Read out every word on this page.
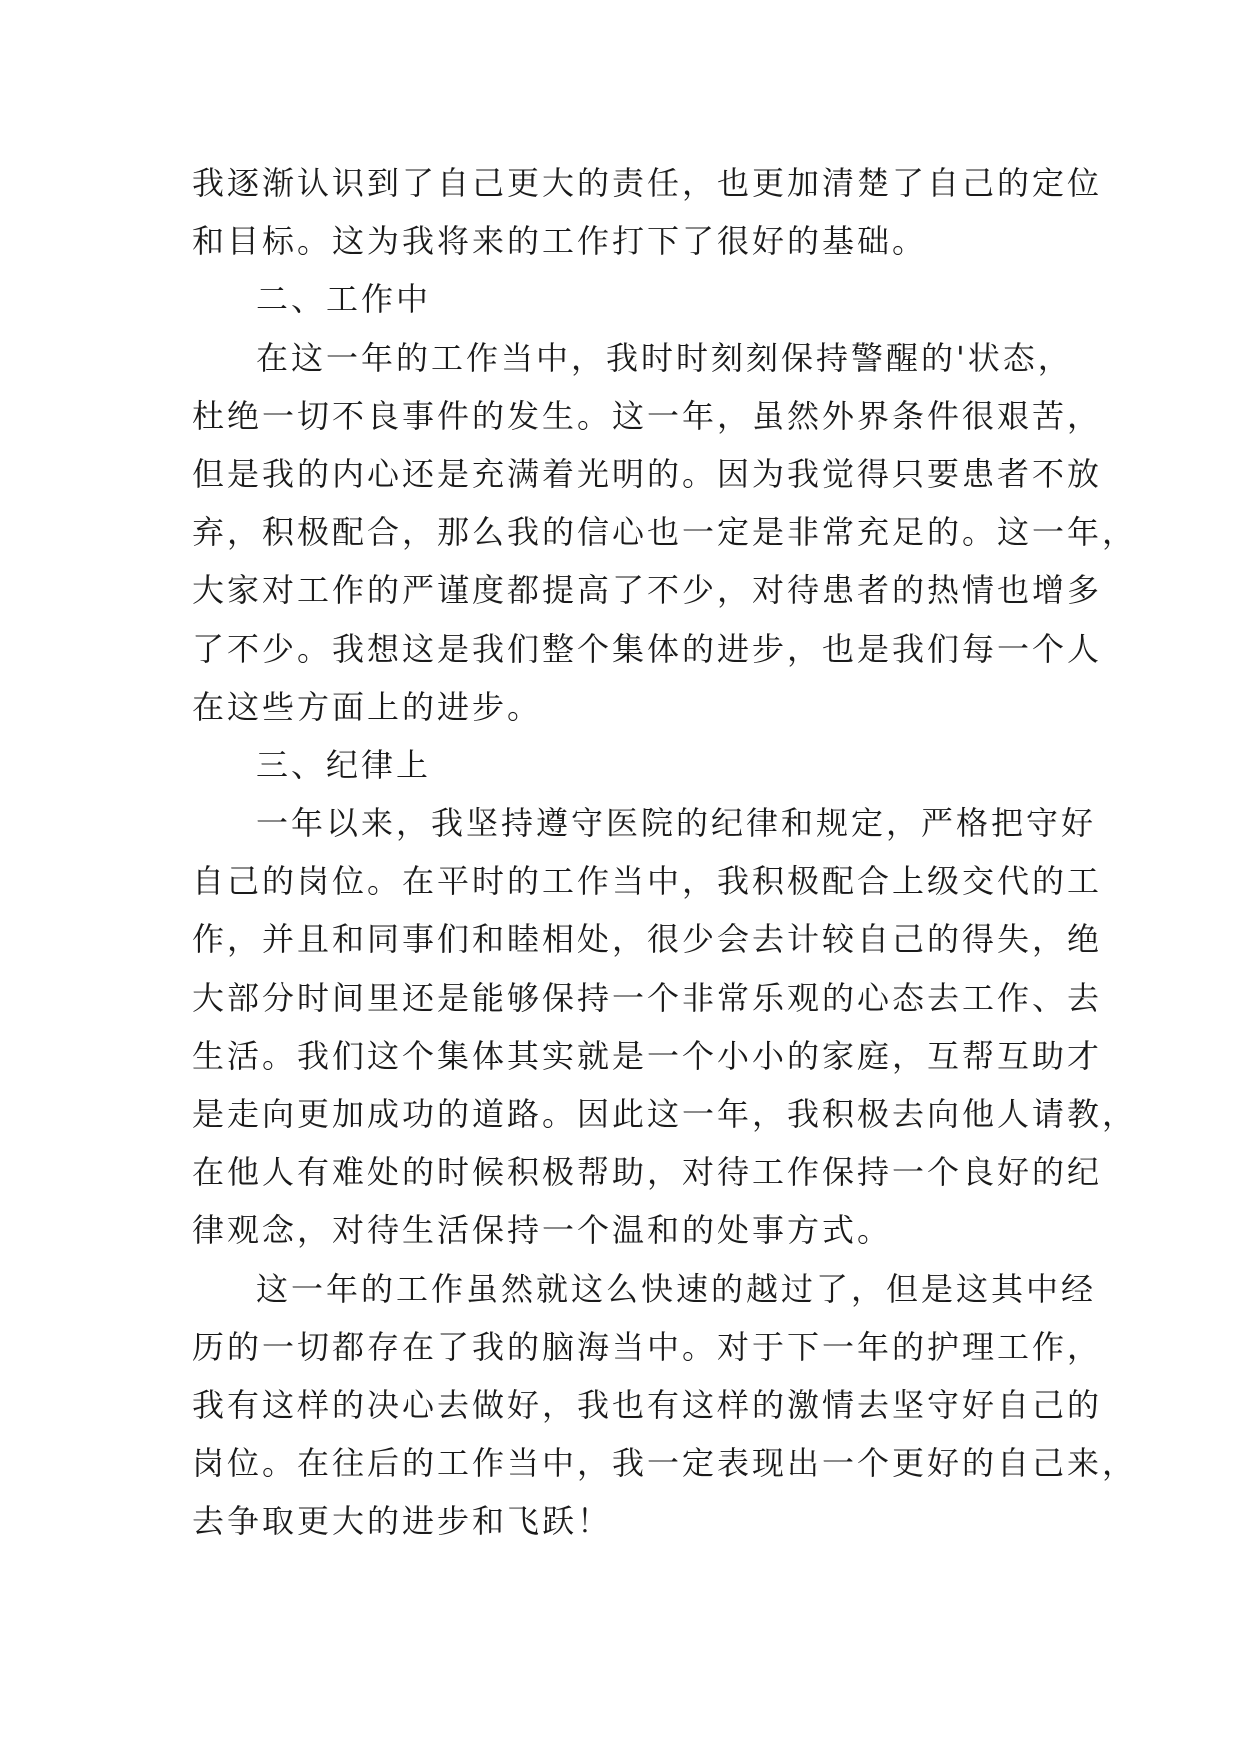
我逐渐认识到了自己更大的责任，也更加清楚了自己的定位
和目标。这为我将来的工作打下了很好的基础。
二、工作中
在这一年的工作当中，我时时刻刻保持警醒的'状态，
杜绝一切不良事件的发生。这一年，虽然外界条件很艰苦，
但是我的内心还是充满着光明的。因为我觉得只要患者不放
弃，积极配合，那么我的信心也一定是非常充足的。这一年，
大家对工作的严谨度都提高了不少，对待患者的热情也增多
了不少。我想这是我们整个集体的进步，也是我们每一个人
在这些方面上的进步。
三、纪律上
一年以来，我坚持遵守医院的纪律和规定，严格把守好
自己的岗位。在平时的工作当中，我积极配合上级交代的工
作，并且和同事们和睦相处，很少会去计较自己的得失，绝
大部分时间里还是能够保持一个非常乐观的心态去工作、去
生活。我们这个集体其实就是一个小小的家庭，互帮互助才
是走向更加成功的道路。因此这一年，我积极去向他人请教，
在他人有难处的时候积极帮助，对待工作保持一个良好的纪
律观念，对待生活保持一个温和的处事方式。
这一年的工作虽然就这么快速的越过了，但是这其中经
历的一切都存在了我的脑海当中。对于下一年的护理工作，
我有这样的决心去做好，我也有这样的激情去坚守好自己的
岗位。在往后的工作当中，我一定表现出一个更好的自己来，
去争取更大的进步和飞跃！
